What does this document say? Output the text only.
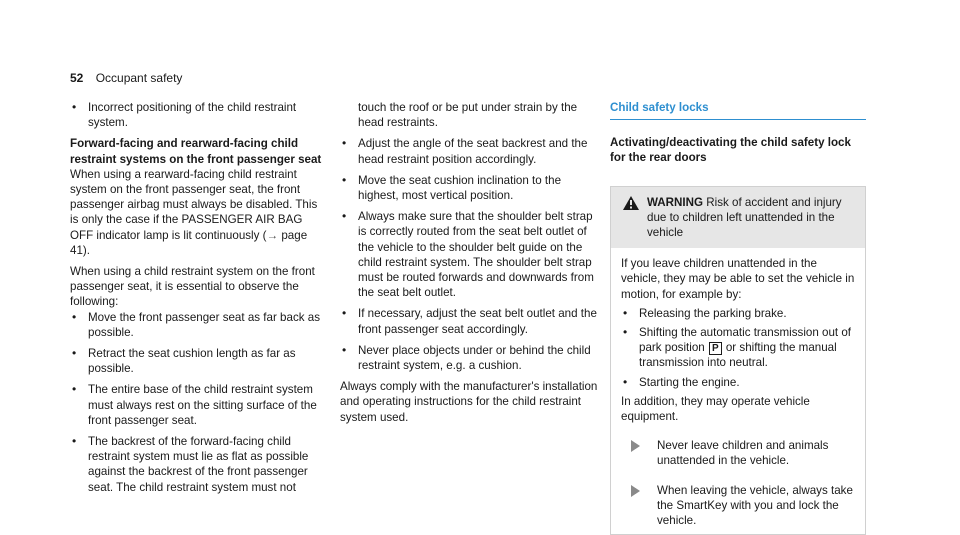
52 Occupant safety
• Incorrect positioning of the child restraint system.

Forward-facing and rearward-facing child restraint systems on the front passenger seat

When using a rearward-facing child restraint system on the front passenger seat, the front passenger airbag must always be disabled. This is only the case if the PASSENGER AIR BAG OFF indicator lamp is lit continuously (→ page 41).

When using a child restraint system on the front passenger seat, it is essential to observe the following:

• Move the front passenger seat as far back as possible.
• Retract the seat cushion length as far as possible.
• The entire base of the child restraint system must always rest on the sitting surface of the front passenger seat.
• The backrest of the forward-facing child restraint system must lie as flat as possible against the backrest of the front passenger seat. The child restraint system must not

touch the roof or be put under strain by the head restraints.

• Adjust the angle of the seat backrest and the head restraint position accordingly.
• Move the seat cushion inclination to the highest, most vertical position.
• Always make sure that the shoulder belt strap is correctly routed from the seat belt outlet of the vehicle to the shoulder belt guide on the child restraint system. The shoulder belt strap must be routed forwards and downwards from the seat belt outlet.
• If necessary, adjust the seat belt outlet and the front passenger seat accordingly.
• Never place objects under or behind the child restraint system, e.g. a cushion.

Always comply with the manufacturer's installation and operating instructions for the child restraint system used.

Child safety locks

Activating/deactivating the child safety lock for the rear doors

WARNING Risk of accident and injury due to children left unattended in the vehicle

If you leave children unattended in the vehicle, they may be able to set the vehicle in motion, for example by:

• Releasing the parking brake.
• Shifting the automatic transmission out of park position P or shifting the manual transmission into neutral.
• Starting the engine.

In addition, they may operate vehicle equipment.

Never leave children and animals unattended in the vehicle.
When leaving the vehicle, always take the SmartKey with you and lock the vehicle.
